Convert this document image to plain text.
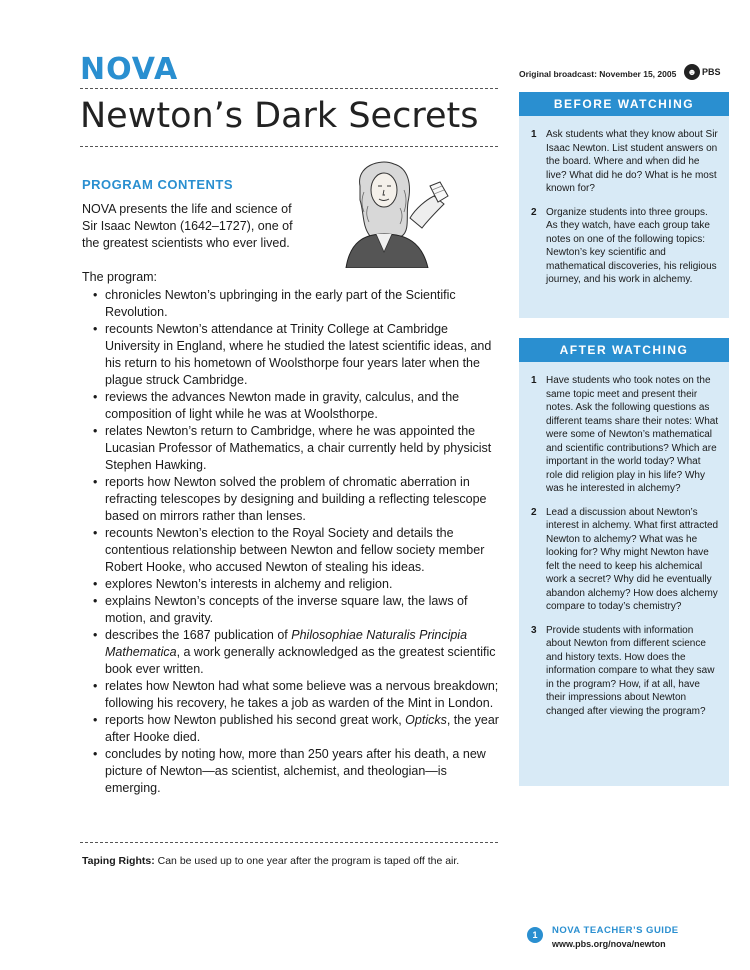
NOVA
Newton’s Dark Secrets
Original broadcast: November 15, 2005	☻ PBS
PROGRAM CONTENTS
NOVA presents the life and science of Sir Isaac Newton (1642–1727), one of the greatest scientists who ever lived.
The program:
• chronicles Newton’s upbringing in the early part of the Scientific Revolution.
• recounts Newton’s attendance at Trinity College at Cambridge University in England, where he studied the latest scientific ideas, and his return to his hometown of Woolsthorpe four years later when the plague struck Cambridge.
• reviews the advances Newton made in gravity, calculus, and the composition of light while he was at Woolsthorpe.
• relates Newton’s return to Cambridge, where he was appointed the Lucasian Professor of Mathematics, a chair currently held by physicist Stephen Hawking.
• reports how Newton solved the problem of chromatic aberration in refracting telescopes by designing and building a reflecting telescope based on mirrors rather than lenses.
• recounts Newton’s election to the Royal Society and details the contentious relationship between Newton and fellow society member Robert Hooke, who accused Newton of stealing his ideas.
• explores Newton’s interests in alchemy and religion.
• explains Newton’s concepts of the inverse square law, the laws of motion, and gravity.
• describes the 1687 publication of Philosophiae Naturalis Principia Mathematica, a work generally acknowledged as the greatest scientific book ever written.
• relates how Newton had what some believe was a nervous breakdown; following his recovery, he takes a job as warden of the Mint in London.
• reports how Newton published his second great work, Opticks, the year after Hooke died.
• concludes by noting how, more than 250 years after his death, a new picture of Newton—as scientist, alchemist, and theologian—is emerging.
Taping Rights: Can be used up to one year after the program is taped off the air.
BEFORE WATCHING
1 Ask students what they know about Sir Isaac Newton. List student answers on the board. Where and when did he live? What did he do? What is he most known for?
2 Organize students into three groups. As they watch, have each group take notes on one of the following topics: Newton’s key scientific and mathematical discoveries, his religious journey, and his work in alchemy.
AFTER WATCHING
1 Have students who took notes on the same topic meet and present their notes. Ask the following questions as different teams share their notes: What were some of Newton’s mathematical and scientific contributions? Which are important in the world today? What role did religion play in his life? Why was he interested in alchemy?
2 Lead a discussion about Newton’s interest in alchemy. What first attracted Newton to alchemy? What was he looking for? Why might Newton have felt the need to keep his alchemical work a secret? Why did he eventually abandon alchemy? How does alchemy compare to today’s chemistry?
3 Provide students with information about Newton from different science and history texts. How does the information compare to what they saw in the program? How, if at all, have their impressions about Newton changed after viewing the program?
1	NOVA TEACHER’S GUIDE
www.pbs.org/nova/newton
